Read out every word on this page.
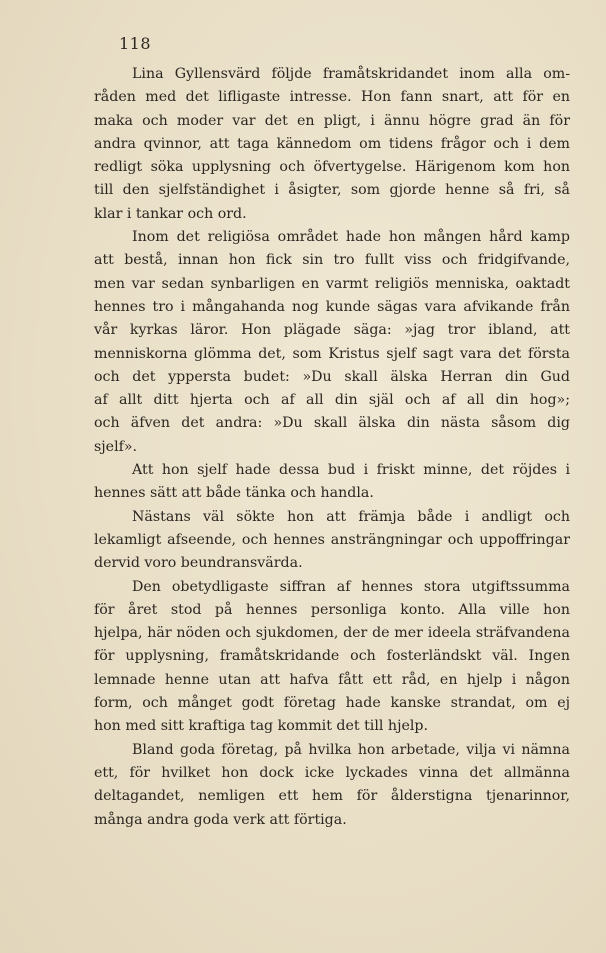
118
Lina Gyllensvärd följde framåtskridandet inom alla om-
råden med det lifligaste intresse. Hon fann snart, att för en
maka och moder var det en pligt, i ännu högre grad än för
andra qvinnor, att taga kännedom om tidens frågor och i dem
redligt söka upplysning och öfvertygelse. Härigenom kom hon
till den sjelfständighet i åsigter, som gjorde henne så fri, så
klar i tankar och ord.
Inom det religiösa området hade hon mången hård kamp
att bestå, innan hon fick sin tro fullt viss och fridgifvande,
men var sedan synbarligen en varmt religiös menniska, oaktadt
hennes tro i mångahanda nog kunde sägas vara afvikande från
vår kyrkas läror. Hon plägade säga: »jag tror ibland, att
menniskorna glömma det, som Kristus sjelf sagt vara det första
och det yppersta budet: »Du skall älska Herran din Gud
af allt ditt hjerta och af all din själ och af all din hog»;
och äfven det andra: »Du skall älska din nästa såsom dig
sjelf».
Att hon sjelf hade dessa bud i friskt minne, det röjdes i
hennes sätt att både tänka och handla.
Nästans väl sökte hon att främja både i andligt och
lekamligt afseende, och hennes ansträngningar och uppoffringar
dervid voro beundransvärda.
Den obetydligaste siffran af hennes stora utgiftssumma
för året stod på hennes personliga konto. Alla ville hon
hjelpa, här nöden och sjukdomen, der de mer ideela sträfvandena
för upplysning, framåtskridande och fosterländskt väl. Ingen
lemnade henne utan att hafva fått ett råd, en hjelp i någon
form, och månget godt företag hade kanske strandat, om ej
hon med sitt kraftiga tag kommit det till hjelp.
Bland goda företag, på hvilka hon arbetade, vilja vi nämna
ett, för hvilket hon dock icke lyckades vinna det allmänna
deltagandet, nemligen ett hem för ålderstigna tjenarinnor,
många andra goda verk att förtiga.
